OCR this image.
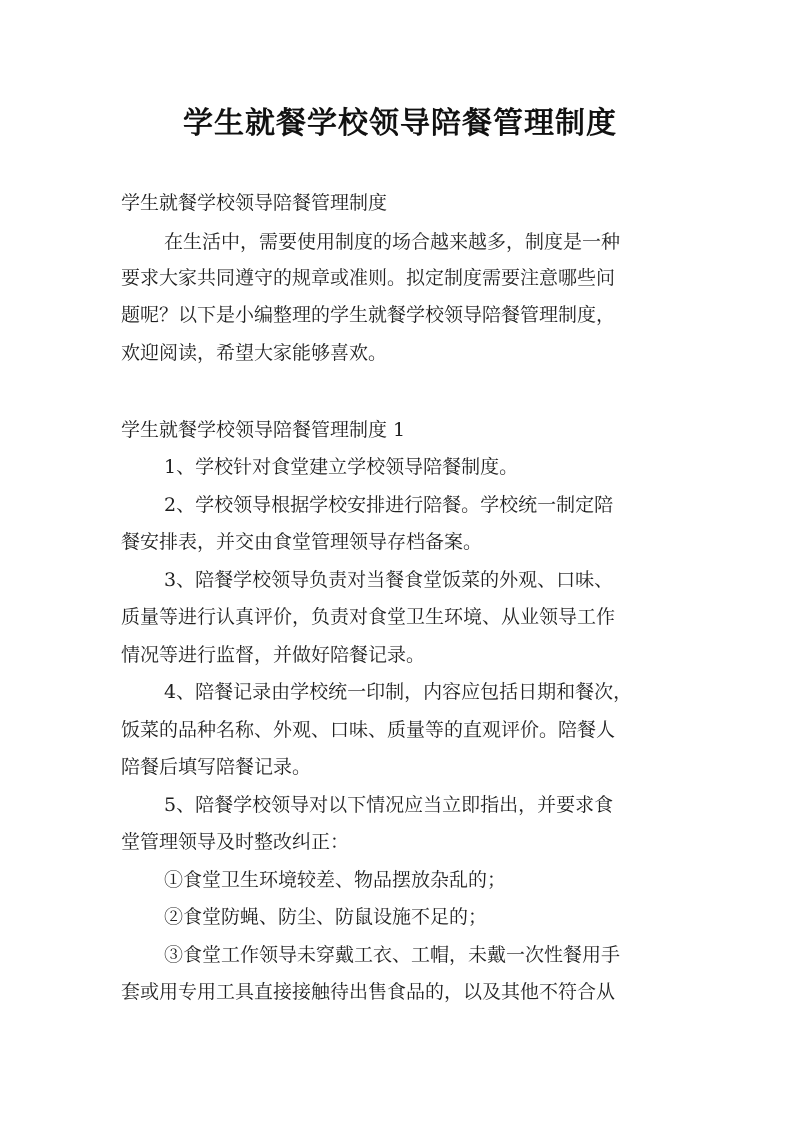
学生就餐学校领导陪餐管理制度
学生就餐学校领导陪餐管理制度
在生活中，需要使用制度的场合越来越多，制度是一种
要求大家共同遵守的规章或准则。拟定制度需要注意哪些问
题呢？以下是小编整理的学生就餐学校领导陪餐管理制度，
欢迎阅读，希望大家能够喜欢。
学生就餐学校领导陪餐管理制度 1
1、学校针对食堂建立学校领导陪餐制度。
2、学校领导根据学校安排进行陪餐。学校统一制定陪
餐安排表，并交由食堂管理领导存档备案。
3、陪餐学校领导负责对当餐食堂饭菜的外观、口味、
质量等进行认真评价，负责对食堂卫生环境、从业领导工作
情况等进行监督，并做好陪餐记录。
4、陪餐记录由学校统一印制，内容应包括日期和餐次，
饭菜的品种名称、外观、口味、质量等的直观评价。陪餐人
陪餐后填写陪餐记录。
5、陪餐学校领导对以下情况应当立即指出，并要求食
堂管理领导及时整改纠正：
①食堂卫生环境较差、物品摆放杂乱的；
②食堂防蝇、防尘、防鼠设施不足的；
③食堂工作领导未穿戴工衣、工帽，未戴一次性餐用手
套或用专用工具直接接触待出售食品的，以及其他不符合从
